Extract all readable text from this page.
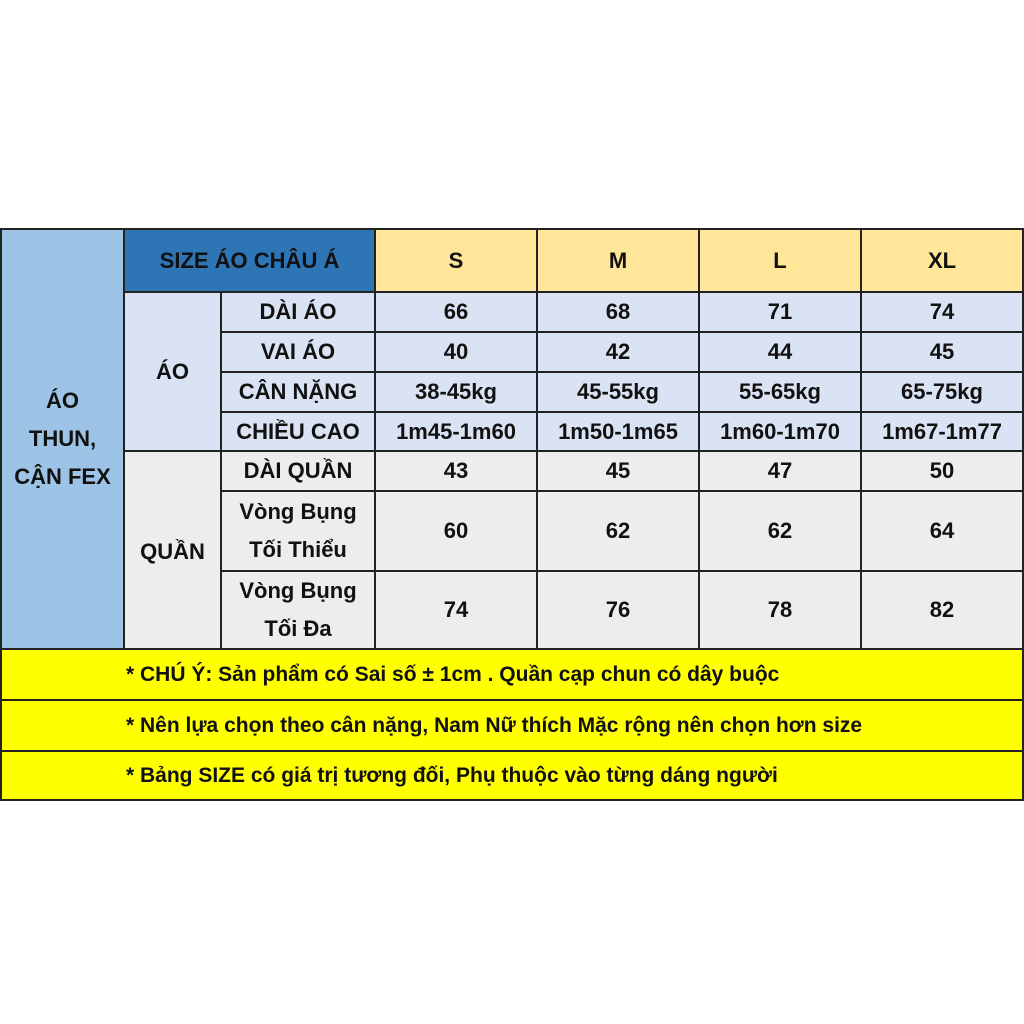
ÁO
THUN,
CẬN FEX
SIZE ÁO CHÂU Á	S	M	L	XL
ÁO
QUẦN
DÀI ÁO	66	68	71	74
VAI ÁO	40	42	44	45
CÂN NẶNG	38-45kg	45-55kg	55-65kg	65-75kg
CHIỀU CAO	1m45-1m60	1m50-1m65	1m60-1m70	1m67-1m77
DÀI QUẦN	43	45	47	50
Vòng Bụng
Tối Thiểu
60	62	62	64
Vòng Bụng
Tối Đa
74	76	78	82
* CHÚ Ý: Sản phẩm có Sai số ± 1cm . Quần cạp chun có dây buộc
* Nên lựa chọn theo cân nặng, Nam Nữ thích Mặc rộng nên chọn hơn size
* Bảng SIZE có giá trị tương đối, Phụ thuộc vào từng dáng người
